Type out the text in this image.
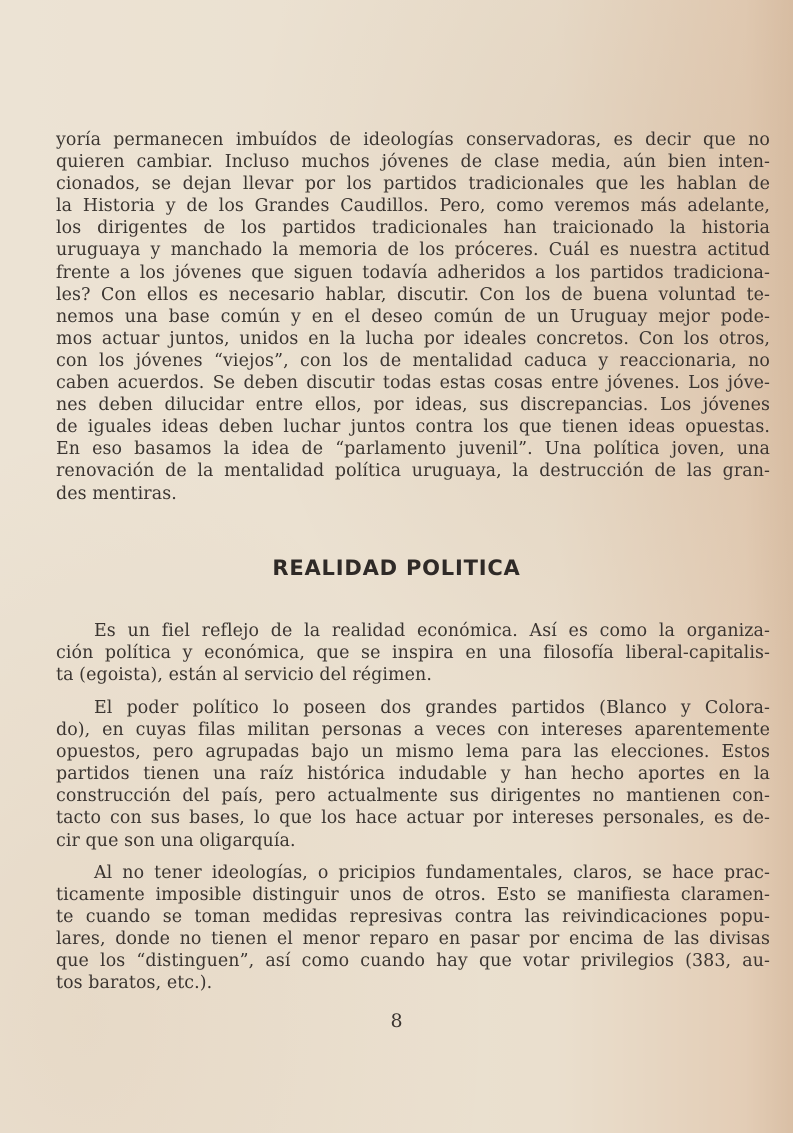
yoría permanecen imbuídos de ideologías conservadoras, es decir que no
quieren cambiar. Incluso muchos jóvenes de clase media, aún bien inten-
cionados, se dejan llevar por los partidos tradicionales que les hablan de
la Historia y de los Grandes Caudillos. Pero, como veremos más adelante,
los dirigentes de los partidos tradicionales han traicionado la historia
uruguaya y manchado la memoria de los próceres. Cuál es nuestra actitud
frente a los jóvenes que siguen todavía adheridos a los partidos tradiciona-
les? Con ellos es necesario hablar, discutir. Con los de buena voluntad te-
nemos una base común y en el deseo común de un Uruguay mejor pode-
mos actuar juntos, unidos en la lucha por ideales concretos. Con los otros,
con los jóvenes “viejos”, con los de mentalidad caduca y reaccionaria, no
caben acuerdos. Se deben discutir todas estas cosas entre jóvenes. Los jóve-
nes deben dilucidar entre ellos, por ideas, sus discrepancias. Los jóvenes
de iguales ideas deben luchar juntos contra los que tienen ideas opuestas.
En eso basamos la idea de “parlamento juvenil”. Una política joven, una
renovación de la mentalidad política uruguaya, la destrucción de las gran-
des mentiras.
REALIDAD POLITICA
Es un fiel reflejo de la realidad económica. Así es como la organiza-
ción política y económica, que se inspira en una filosofía liberal-capitalis-
ta (egoista), están al servicio del régimen.
El poder político lo poseen dos grandes partidos (Blanco y Colora-
do), en cuyas filas militan personas a veces con intereses aparentemente
opuestos, pero agrupadas bajo un mismo lema para las elecciones. Estos
partidos tienen una raíz histórica indudable y han hecho aportes en la
construcción del país, pero actualmente sus dirigentes no mantienen con-
tacto con sus bases, lo que los hace actuar por intereses personales, es de-
cir que son una oligarquía.
Al no tener ideologías, o pricipios fundamentales, claros, se hace prac-
ticamente imposible distinguir unos de otros. Esto se manifiesta claramen-
te cuando se toman medidas represivas contra las reivindicaciones popu-
lares, donde no tienen el menor reparo en pasar por encima de las divisas
que los “distinguen”, así como cuando hay que votar privilegios (383, au-
tos baratos, etc.).
8
